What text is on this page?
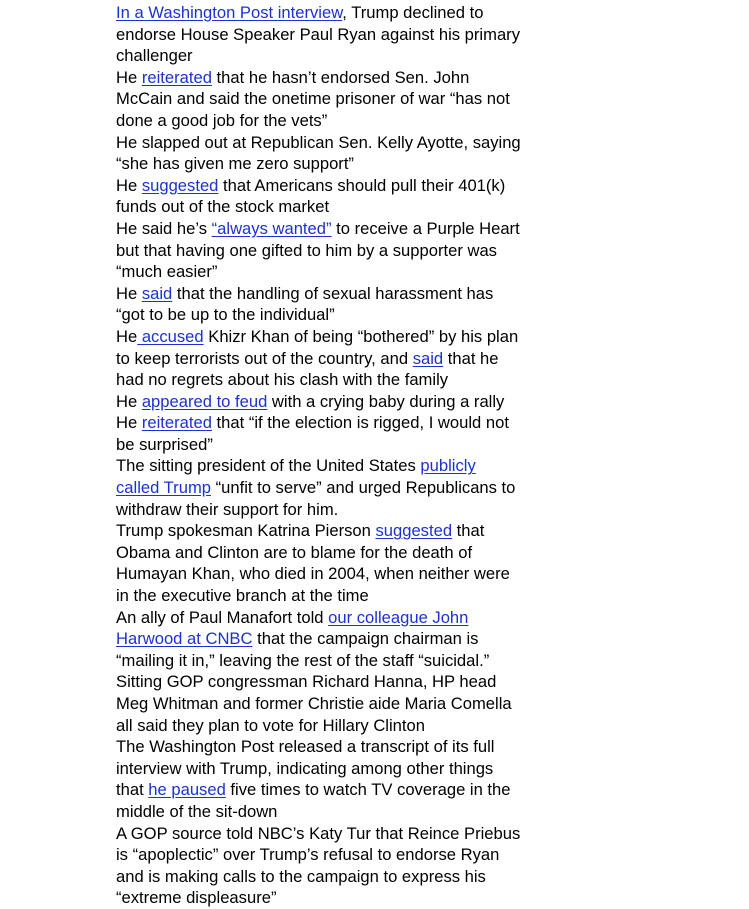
In a Washington Post interview, Trump declined to
endorse House Speaker Paul Ryan against his primary
challenger
He reiterated that he hasn’t endorsed Sen. John
McCain and said the onetime prisoner of war “has not
done a good job for the vets”
He slapped out at Republican Sen. Kelly Ayotte, saying
“she has given me zero support”
He suggested that Americans should pull their 401(k)
funds out of the stock market
He said he’s “always wanted” to receive a Purple Heart
but that having one gifted to him by a supporter was
“much easier”
He said that the handling of sexual harassment has
“got to be up to the individual”
He accused Khizr Khan of being “bothered” by his plan
to keep terrorists out of the country, and said that he
had no regrets about his clash with the family
He appeared to feud with a crying baby during a rally
He reiterated that “if the election is rigged, I would not
be surprised”
The sitting president of the United States publicly
called Trump “unfit to serve” and urged Republicans to
withdraw their support for him.
Trump spokesman Katrina Pierson suggested that
Obama and Clinton are to blame for the death of
Humayan Khan, who died in 2004, when neither were
in the executive branch at the time
An ally of Paul Manafort told our colleague John
Harwood at CNBC that the campaign chairman is
“mailing it in,” leaving the rest of the staff “suicidal.”
Sitting GOP congressman Richard Hanna, HP head
Meg Whitman and former Christie aide Maria Comella
all said they plan to vote for Hillary Clinton
The Washington Post released a transcript of its full
interview with Trump, indicating among other things
that he paused five times to watch TV coverage in the
middle of the sit-down
A GOP source told NBC’s Katy Tur that Reince Priebus
is “apoplectic” over Trump’s refusal to endorse Ryan
and is making calls to the campaign to express his
“extreme displeasure”
